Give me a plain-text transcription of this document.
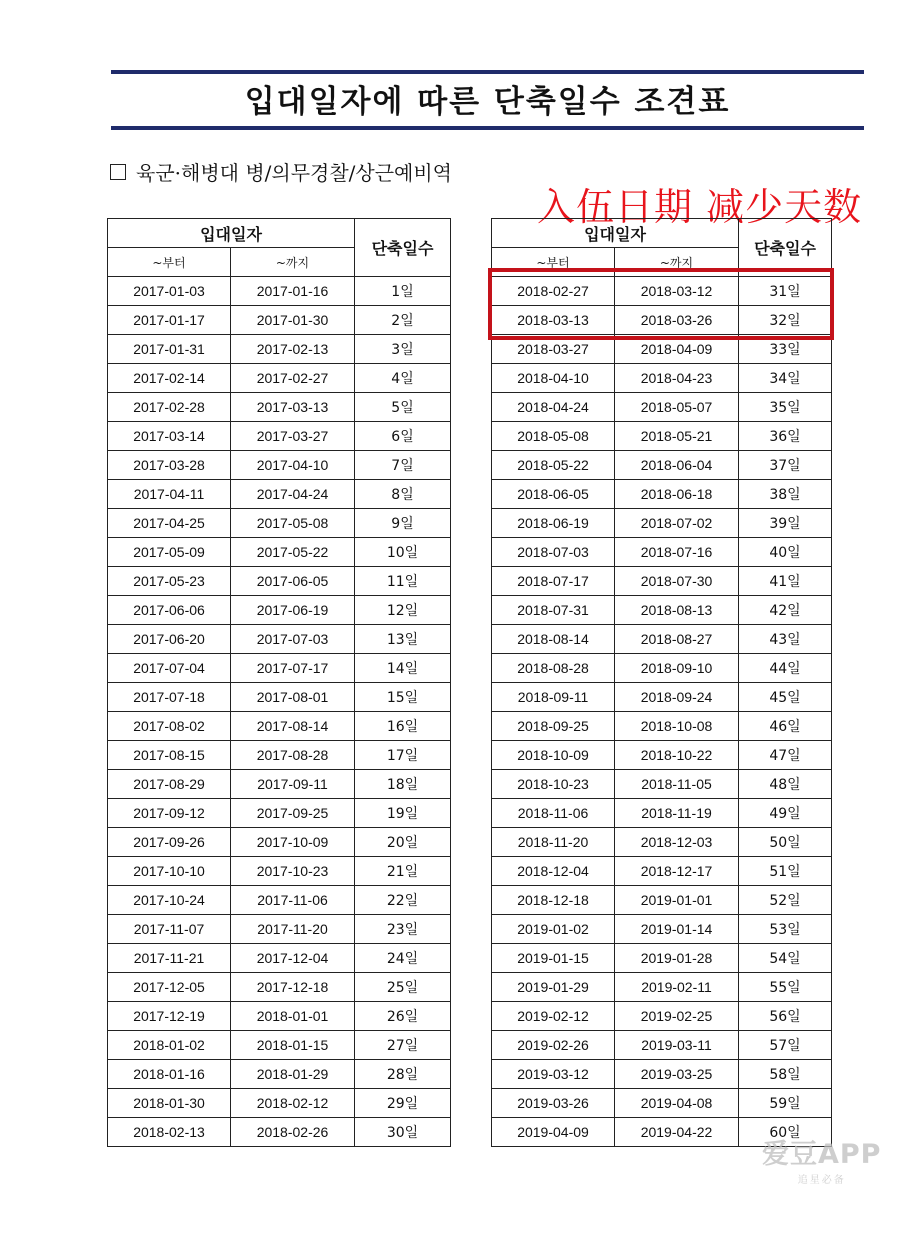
입대일자에 따른 단축일수 조견표
육군·해병대 병/의무경찰/상근예비역
入伍日期 减少天数
입대일자		단축일수
~부터	~까지	
2017-01-03	2017-01-16	1일
2017-01-17	2017-01-30	2일
2017-01-31	2017-02-13	3일
2017-02-14	2017-02-27	4일
2017-02-28	2017-03-13	5일
2017-03-14	2017-03-27	6일
2017-03-28	2017-04-10	7일
2017-04-11	2017-04-24	8일
2017-04-25	2017-05-08	9일
2017-05-09	2017-05-22	10일
2017-05-23	2017-06-05	11일
2017-06-06	2017-06-19	12일
2017-06-20	2017-07-03	13일
2017-07-04	2017-07-17	14일
2017-07-18	2017-08-01	15일
2017-08-02	2017-08-14	16일
2017-08-15	2017-08-28	17일
2017-08-29	2017-09-11	18일
2017-09-12	2017-09-25	19일
2017-09-26	2017-10-09	20일
2017-10-10	2017-10-23	21일
2017-10-24	2017-11-06	22일
2017-11-07	2017-11-20	23일
2017-11-21	2017-12-04	24일
2017-12-05	2017-12-18	25일
2017-12-19	2018-01-01	26일
2018-01-02	2018-01-15	27일
2018-01-16	2018-01-29	28일
2018-01-30	2018-02-12	29일
2018-02-13	2018-02-26	30일
입대일자		단축일수
~부터	~까지	
2018-02-27	2018-03-12	31일
2018-03-13	2018-03-26	32일
2018-03-27	2018-04-09	33일
2018-04-10	2018-04-23	34일
2018-04-24	2018-05-07	35일
2018-05-08	2018-05-21	36일
2018-05-22	2018-06-04	37일
2018-06-05	2018-06-18	38일
2018-06-19	2018-07-02	39일
2018-07-03	2018-07-16	40일
2018-07-17	2018-07-30	41일
2018-07-31	2018-08-13	42일
2018-08-14	2018-08-27	43일
2018-08-28	2018-09-10	44일
2018-09-11	2018-09-24	45일
2018-09-25	2018-10-08	46일
2018-10-09	2018-10-22	47일
2018-10-23	2018-11-05	48일
2018-11-06	2018-11-19	49일
2018-11-20	2018-12-03	50일
2018-12-04	2018-12-17	51일
2018-12-18	2019-01-01	52일
2019-01-02	2019-01-14	53일
2019-01-15	2019-01-28	54일
2019-01-29	2019-02-11	55일
2019-02-12	2019-02-25	56일
2019-02-26	2019-03-11	57일
2019-03-12	2019-03-25	58일
2019-03-26	2019-04-08	59일
2019-04-09	2019-04-22	60일
爱豆APP
追星必备
